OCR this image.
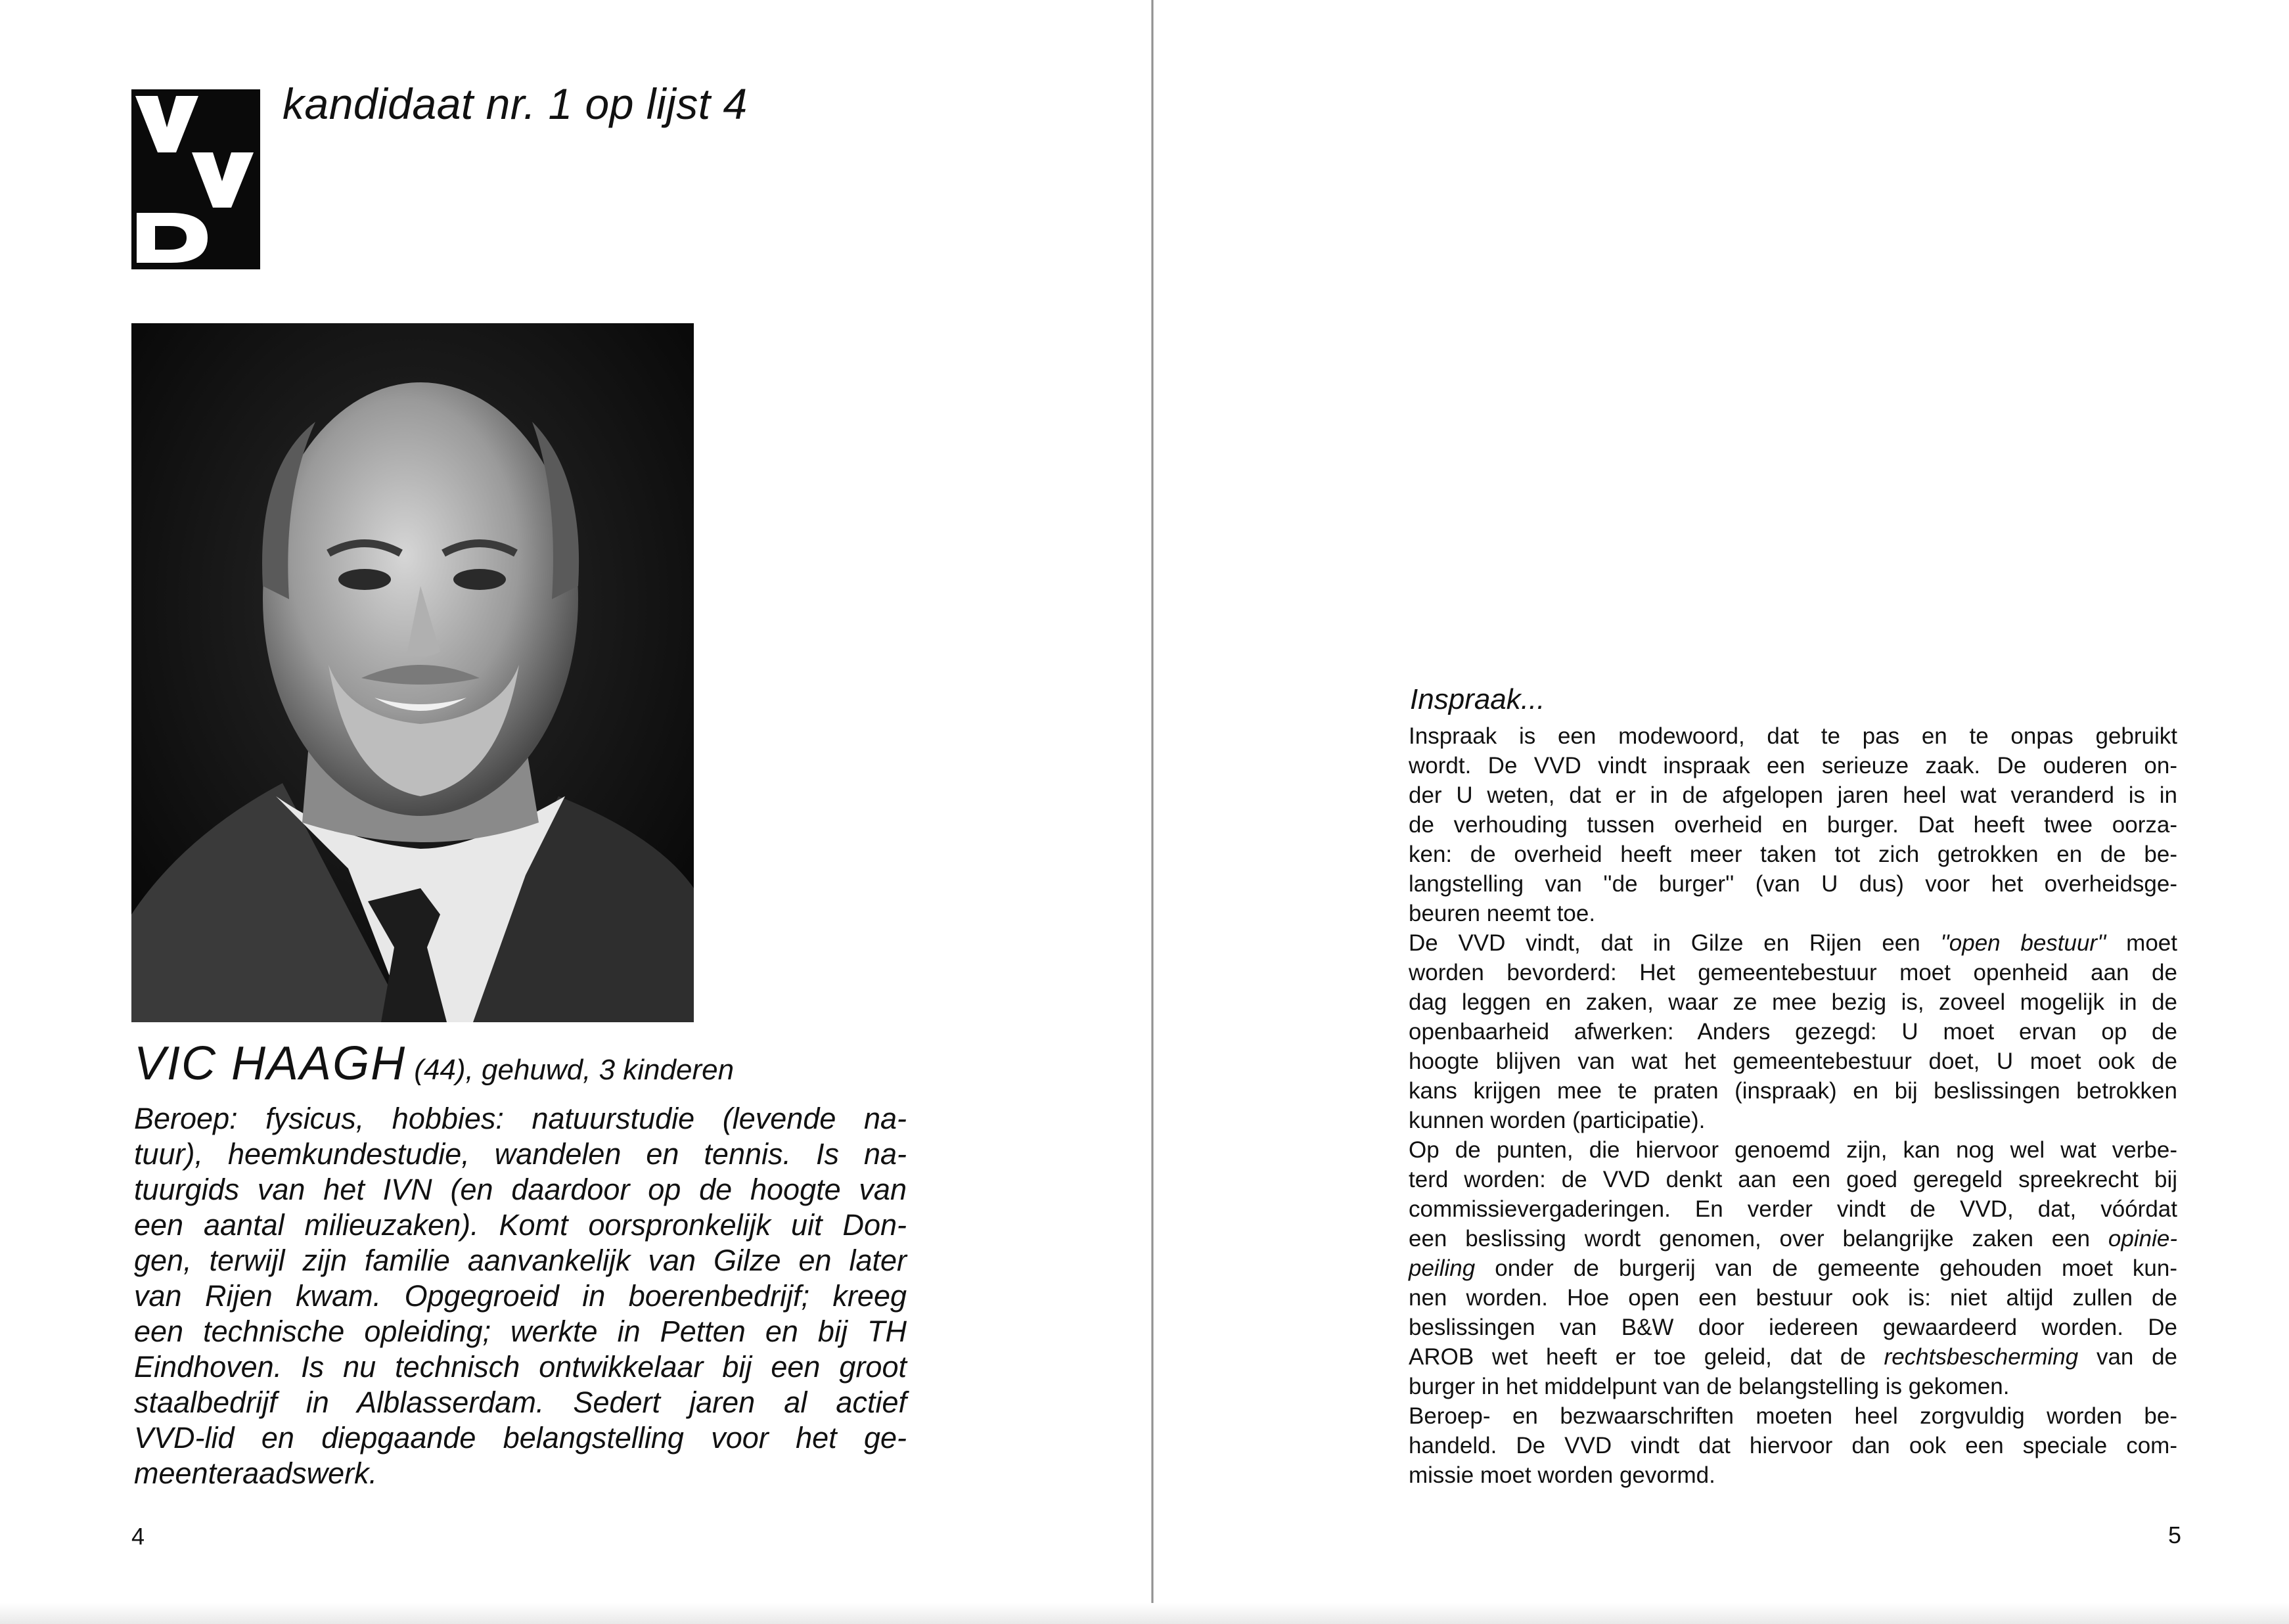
kandidaat nr. 1 op lijst 4
VIC HAAGH (44), gehuwd, 3 kinderen
Beroep: fysicus, hobbies: natuurstudie (levende na-
tuur), heemkundestudie, wandelen en tennis. Is na-
tuurgids van het IVN (en daardoor op de hoogte van
een aantal milieuzaken). Komt oorspronkelijk uit Don-
gen, terwijl zijn familie aanvankelijk van Gilze en later
van Rijen kwam. Opgegroeid in boerenbedrijf; kreeg
een technische opleiding; werkte in Petten en bij TH
Eindhoven. Is nu technisch ontwikkelaar bij een groot
staalbedrijf in Alblasserdam. Sedert jaren al actief
VVD-lid en diepgaande belangstelling voor het ge-
meenteraadswerk.
4
Inspraak...
Inspraak is een modewoord, dat te pas en te onpas gebruikt
wordt. De VVD vindt inspraak een serieuze zaak. De ouderen on-
der U weten, dat er in de afgelopen jaren heel wat veranderd is in
de verhouding tussen overheid en burger. Dat heeft twee oorza-
ken: de overheid heeft meer taken tot zich getrokken en de be-
langstelling van ''de burger'' (van U dus) voor het overheidsge-
beuren neemt toe.
De VVD vindt, dat in Gilze en Rijen een ''open bestuur'' moet
worden bevorderd: Het gemeentebestuur moet openheid aan de
dag leggen en zaken, waar ze mee bezig is, zoveel mogelijk in de
openbaarheid afwerken: Anders gezegd: U moet ervan op de
hoogte blijven van wat het gemeentebestuur doet, U moet ook de
kans krijgen mee te praten (inspraak) en bij beslissingen betrokken
kunnen worden (participatie).
Op de punten, die hiervoor genoemd zijn, kan nog wel wat verbe-
terd worden: de VVD denkt aan een goed geregeld spreekrecht bij
commissievergaderingen. En verder vindt de VVD, dat, vóórdat
een beslissing wordt genomen, over belangrijke zaken een opinie-
peiling onder de burgerij van de gemeente gehouden moet kun-
nen worden. Hoe open een bestuur ook is: niet altijd zullen de
beslissingen van B&W door iedereen gewaardeerd worden. De
AROB wet heeft er toe geleid, dat de rechtsbescherming van de
burger in het middelpunt van de belangstelling is gekomen.
Beroep- en bezwaarschriften moeten heel zorgvuldig worden be-
handeld. De VVD vindt dat hiervoor dan ook een speciale com-
missie moet worden gevormd.
5
